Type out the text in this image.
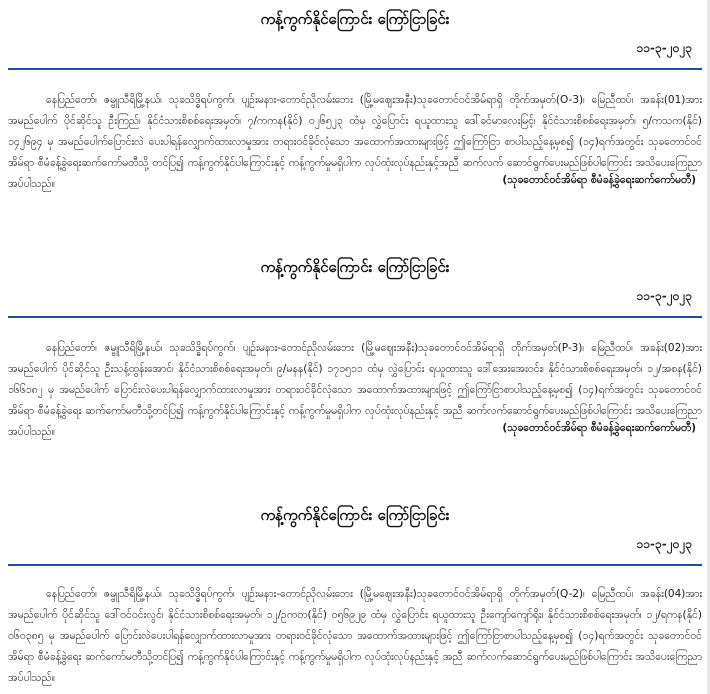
ကန့်ကွက်နိုင်ကြောင်း ကြော်ငြာခြင်း
၁၁-၃-၂၀၂၃
နေပြည်တော်၊ ဇမ္ဗူသီရိမြို့နယ်၊ သုခသိဒ္ဓိရပ်ကွက်၊ ပျဉ်းမနား-တောင်ညိုလမ်းဘေး (မြို့မဈေးအနီး)သုခတောင်ဝင်အိမ်ရာရှိ တိုက်အမှတ်(O-3)၊ မြေညီထပ်၊ အခန်း(01)အား အမည်ပေါက် ပိုင်ဆိုင်သူ ဦးကြည်၊ နိုင်ငံသားစိစစ်ရေးအမှတ်၊ ၇/ကကန(နိုင်) ၀၂၆၅၂၃ ထံမှ လွှဲပြောင်း ရယူထားသူ ဒေါ်ခင်မာလေးမြင့်၊ နိုင်ငံသားစိစစ်ရေးအမှတ်၊ ၅/ကသက(နိုင်) ၁၄၂၆၉၄ မှ အမည်ပေါက်ပြောင်းလဲ ပေးပါရန်လျှောက်ထားလာမှုအား တရားဝင်ခိုင်လုံသော အထောက်အထားများဖြင့် ဤကြော်ငြာ စာပါသည့်နေ့မှစ၍ (၁၄)ရက်အတွင်း သုခတောင်ဝင်အိမ်ရာ စီမံခန့်ခွဲရေးဆက်ကော်မတီသို့ တင်ပြ၍ ကန့်ကွက်နိုင်ပါကြောင်းနှင့် ကန့်ကွက်မှုမရှိပါက လုပ်ထုံးလုပ်နည်းနှင့်အညီ ဆက်လက် ဆောင်ရွက်ပေးမည်ဖြစ်ပါကြောင်း အသိပေးကြေညာအပ်ပါသည်။	(သုခတောင်ဝင်အိမ်ရာ စီမံခန့်ခွဲရေးဆက်ကော်မတီ)
ကန့်ကွက်နိုင်ကြောင်း ကြော်ငြာခြင်း
၁၁-၃-၂၀၂၃
နေပြည်တော်၊ ဇမ္ဗူသီရိမြို့နယ်၊ သုခသိဒ္ဓိရပ်ကွက်၊ ပျဉ်းမနား-တောင်ညိုလမ်းဘေး (မြို့မဈေးအနီး)သုခတောင်ဝင်အိမ်ရာရှိ တိုက်အမှတ်(P-3)၊ မြေညီထပ်၊ အခန်း(02)အား အမည်ပေါက် ပိုင်ဆိုင်သူ ဦးသန့်ထွန်းအောင်၊ နိုင်ငံသားစိစစ်ရေးအမှတ်၊ ၉/မနန(နိုင်) ၁၇၁၅၁၁ ထံမှ လွှဲပြောင်း ရယူထားသူ ဒေါ်အေးအေးဝင်း၊ နိုင်ငံသားစိစစ်ရေးအမှတ်၊ ၁၂/အစန(နိုင်) ၁၆၆၁၈၂ မှ အမည်ပေါက် ပြောင်းလဲပေးပါရန်လျှောက်ထားလာမှုအား တရားဝင်ခိုင်လုံသော အထောက်အထားများဖြင့် ဤကြော်ငြာစာပါသည့်နေ့မှစ၍ (၁၄)ရက်အတွင်း သုခတောင်ဝင်အိမ်ရာ စီမံခန့်ခွဲရေး ဆက်ကော်မတီသို့တင်ပြ၍ ကန့်ကွက်နိုင်ပါကြောင်းနှင့် ကန့်ကွက်မှုမရှိပါက လုပ်ထုံးလုပ်နည်းနှင့် အညီ ဆက်လက်ဆောင်ရွက်ပေးမည်ဖြစ်ပါကြောင်း အသိပေးကြေညာအပ်ပါသည်။	(သုခတောင်ဝင်အိမ်ရာ စီမံခန့်ခွဲရေးဆက်ကော်မတီ)
ကန့်ကွက်နိုင်ကြောင်း ကြော်ငြာခြင်း
၁၁-၃-၂၀၂၃
နေပြည်တော်၊ ဇမ္ဗူသီရိမြို့နယ်၊ သုခသိဒ္ဓိရပ်ကွက်၊ ပျဉ်းမနား-တောင်ညိုလမ်းဘေး (မြို့မဈေးအနီး)သုခတောင်ဝင်အိမ်ရာရှိ တိုက်အမှတ်(Q-2)၊ မြေညီထပ်၊ အခန်း(04)အား အမည်ပေါက် ပိုင်ဆိုင်သူ ဒေါ်ဝင်ဝင်းလွင်၊ နိုင်ငံသားစိစစ်ရေးအမှတ်၊ ၁၂/ဥကတ(နိုင်) ၀၅၆၉၂၉ ထံမှ လွှဲပြောင်း ရယူထားသူ ဦးကျော်ကျော်ရိုး၊ နိုင်ငံသားစိစစ်ရေးအမှတ်၊ ၁၂/ရကန(နိုင်) ၀၆၀၃၈၅ မှ အမည်ပေါက် ပြောင်းလဲပေးပါရန်လျှောက်ထားလာမှုအား တရားဝင်ခိုင်လုံသော အထောက်အထားများဖြင့် ဤကြော်ငြာစာပါသည့်နေ့မှစ၍ (၁၄)ရက်အတွင်း သုခတောင်ဝင်အိမ်ရာ စီမံခန့်ခွဲရေး ဆက်ကော်မတီသို့တင်ပြ၍ ကန့်ကွက်နိုင်ပါကြောင်းနှင့် ကန့်ကွက်မှုမရှိပါက လုပ်ထုံးလုပ်နည်းနှင့် အညီ ဆက်လက်ဆောင်ရွက်ပေးမည်ဖြစ်ပါကြောင်း အသိပေးကြေညာအပ်ပါသည်။
